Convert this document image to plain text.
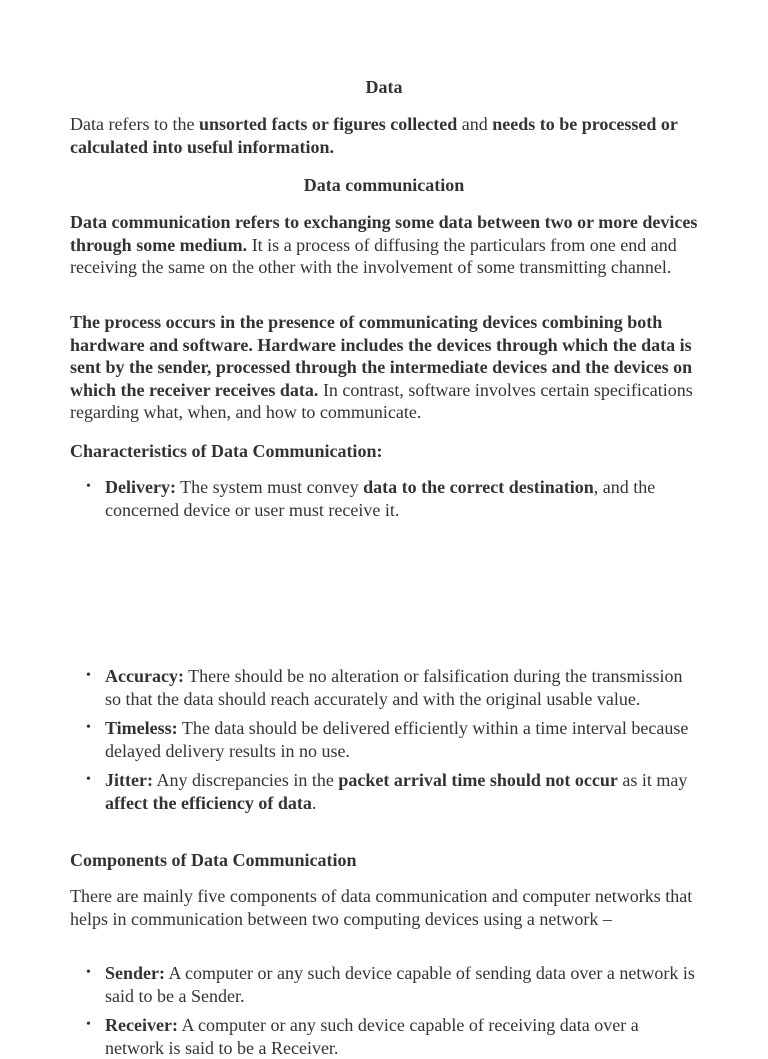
Data

Data refers to the unsorted facts or figures collected and needs to be processed or calculated into useful information.

Data communication

Data communication refers to exchanging some data between two or more devices through some medium. It is a process of diffusing the particulars from one end and receiving the same on the other with the involvement of some transmitting channel.

The process occurs in the presence of communicating devices combining both hardware and software. Hardware includes the devices through which the data is sent by the sender, processed through the intermediate devices and the devices on which the receiver receives data. In contrast, software involves certain specifications regarding what, when, and how to communicate.

Characteristics of Data Communication:

• Delivery: The system must convey data to the correct destination, and the concerned device or user must receive it.
• Accuracy: There should be no alteration or falsification during the transmission so that the data should reach accurately and with the original usable value.
• Timeless: The data should be delivered efficiently within a time interval because delayed delivery results in no use.
• Jitter: Any discrepancies in the packet arrival time should not occur as it may affect the efficiency of data.

Components of Data Communication

There are mainly five components of data communication and computer networks that helps in communication between two computing devices using a network –

• Sender: A computer or any such device capable of sending data over a network is said to be a Sender.
• Receiver: A computer or any such device capable of receiving data over a network is said to be a Receiver.
